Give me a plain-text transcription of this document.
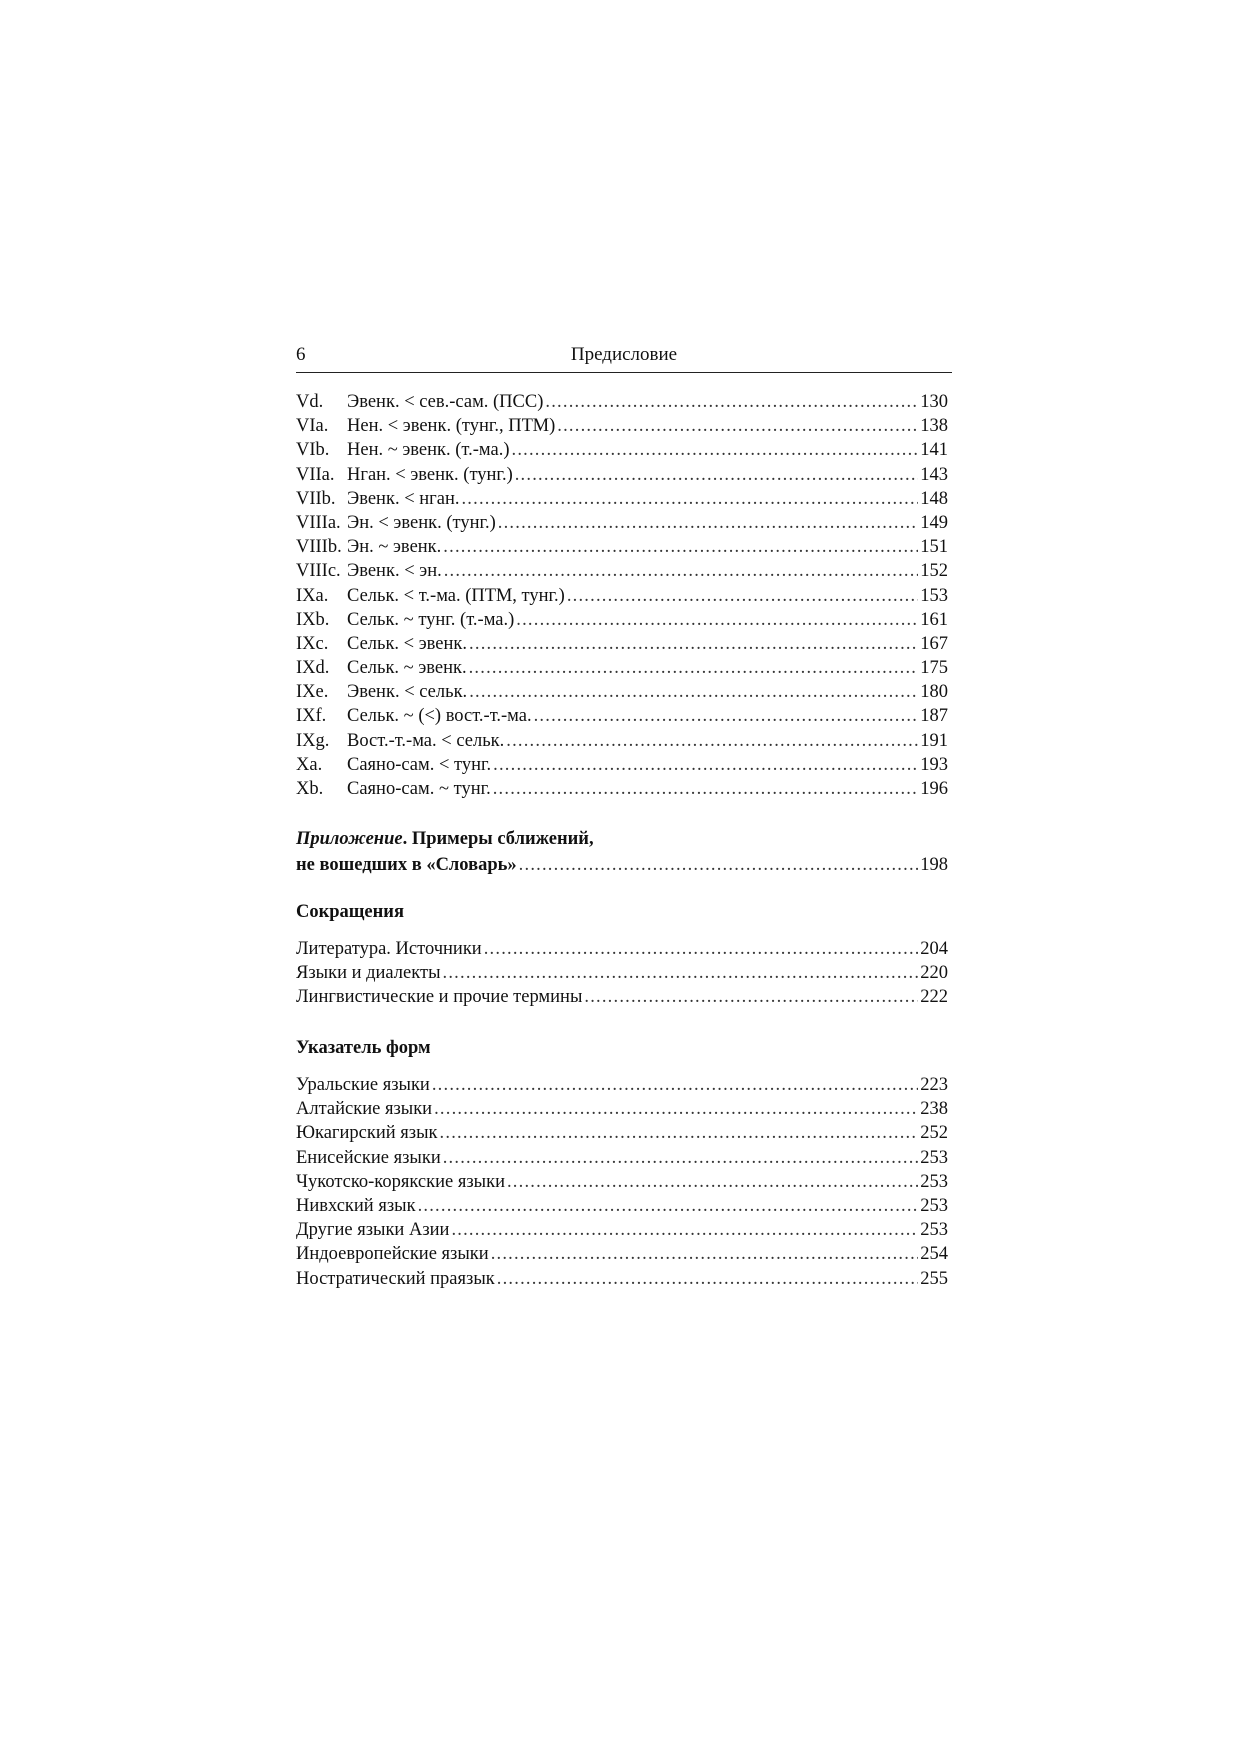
6	Предисловие
Vd.	Эвенк. < сев.-сам. (ПСС) .....	130
VIa.	Нен. < эвенк. (тунг., ПТМ) .....	138
VIb. Нен. ~ эвенк. (т.-ма.) .....	141
VIIa. Нган. < эвенк. (тунг.) .....	143
VIIb. Эвенк. < нган. .....	148
VIIIa. Эн. < эвенк. (тунг.) .....	149
VIIIb. Эн. ~ эвенк. .....	151
VIIIc. Эвенк. < эн. .....	152
IXa.	Сельк. < т.-ма. (ПТМ, тунг.) .....	153
IXb. Сельк. ~ тунг. (т.-ма.) .....	161
IXc.	Сельк. < эвенк. .....	167
IXd. Сельк. ~ эвенк. .....	175
IXe.	Эвенк. < сельк. .....	180
IXf.	Сельк. ~ (<) вост.-т.-ма. .....	187
IXg. Вост.-т.-ма. < сельк. .....	191
Xa.	Саяно-сам. < тунг. .....	193
Xb.	Саяно-сам. ~ тунг. .....	196
Приложение. Примеры сближений,
не вошедших в «Словарь» .....	198
Сокращения
Литература. Источники .....	204
Языки и диалекты .....	220
Лингвистические и прочие термины .....	222
Указатель форм
Уральские языки .....	223
Алтайские языки .....	238
Юкагирский язык .....	252
Енисейские языки .....	253
Чукотско-корякские языки .....	253
Нивхский язык .....	253
Другие языки Азии .....	253
Индоевропейские языки .....	254
Ностратический праязык .....	255
